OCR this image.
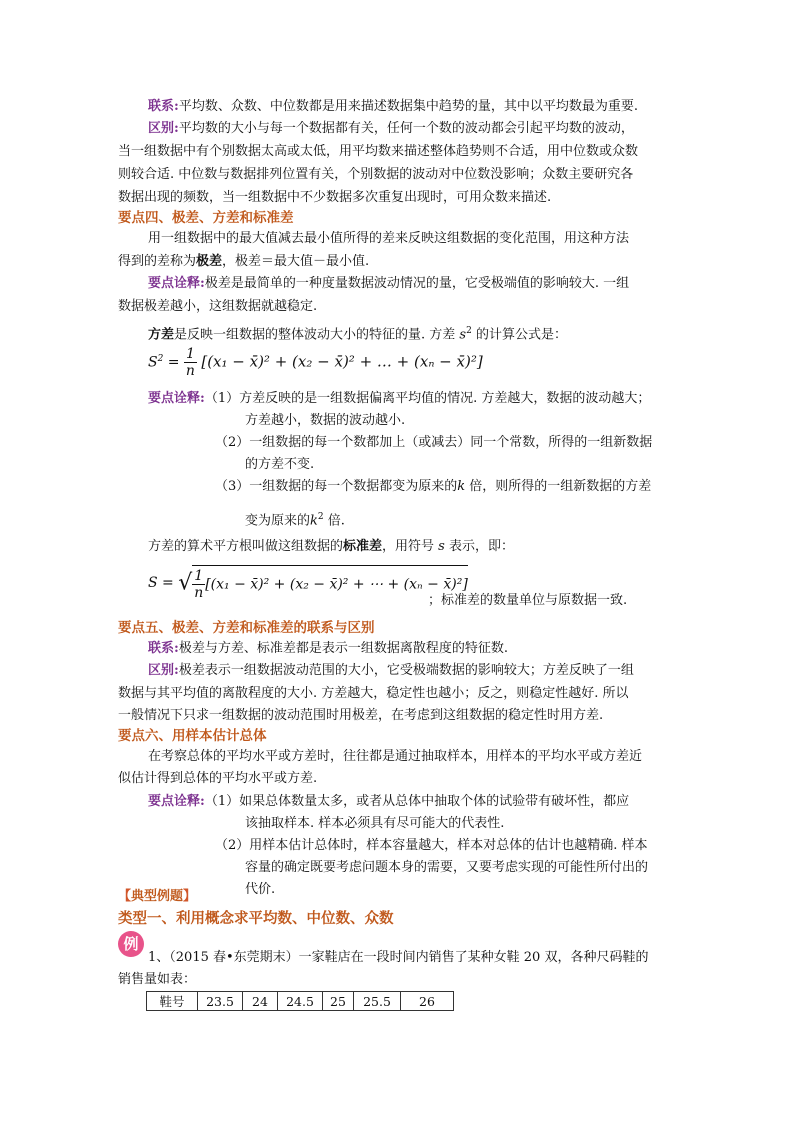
联系:平均数、众数、中位数都是用来描述数据集中趋势的量，其中以平均数最为重要.
区别:平均数的大小与每一个数据都有关，任何一个数的波动都会引起平均数的波动，
当一组数据中有个别数据太高或太低，用平均数来描述整体趋势则不合适，用中位数或众数
则较合适. 中位数与数据排列位置有关，个别数据的波动对中位数没影响；众数主要研究各
数据出现的频数，当一组数据中不少数据多次重复出现时，可用众数来描述.
要点四、极差、方差和标准差
用一组数据中的最大值减去最小值所得的差来反映这组数据的变化范围，用这种方法
得到的差称为极差，极差＝最大值－最小值.
要点诠释:极差是最简单的一种度量数据波动情况的量，它受极端值的影响较大. 一组
数据极差越小，这组数据就越稳定.
方差是反映一组数据的整体波动大小的特征的量. 方差 $s^2$ 的计算公式是：
$S^2 = \frac{1}{n} [(x_1$ − x̄)² + (x₂ − x̄)² + … + (xₙ − x̄)²]
要点诠释:（1）方差反映的是一组数据偏离平均值的情况. 方差越大，数据的波动越大；
方差越小，数据的波动越小.
（2）一组数据的每一个数都加上（或减去）同一个常数，所得的一组新数据
的方差不变.
（3）一组数据的每一个数据都变为原来的k 倍，则所得的一组新数据的方差
变为原来的$k^2$ 倍.
方差的算术平方根叫做这组数据的标准差，用符号 s 表示，即：
S = √ $\frac{1}{n} [(x_1$ − x̄)² + (x₂ − x̄)² + ⋯ + (xₙ − x̄)²]
；标准差的数量单位与原数据一致.
要点五、极差、方差和标准差的联系与区别
联系:极差与方差、标准差都是表示一组数据离散程度的特征数.
区别:极差表示一组数据波动范围的大小，它受极端数据的影响较大；方差反映了一组
数据与其平均值的离散程度的大小. 方差越大，稳定性也越小；反之，则稳定性越好. 所以
一般情况下只求一组数据的波动范围时用极差，在考虑到这组数据的稳定性时用方差.
要点六、用样本估计总体
在考察总体的平均水平或方差时，往往都是通过抽取样本，用样本的平均水平或方差近
似估计得到总体的平均水平或方差.
要点诠释:（1）如果总体数量太多，或者从总体中抽取个体的试验带有破坏性，都应
该抽取样本. 样本必须具有尽可能大的代表性.
（2）用样本估计总体时，样本容量越大，样本对总体的估计也越精确. 样本
容量的确定既要考虑问题本身的需要，又要考虑实现的可能性所付出的
代价.
【典型例题】
类型一、利用概念求平均数、中位数、众数
例
1、（2015 春•东莞期末）一家鞋店在一段时间内销售了某种女鞋 20 双，各种尺码鞋的
销售量如表：
鞋号	23.5	24	24.5	25	25.5	26
